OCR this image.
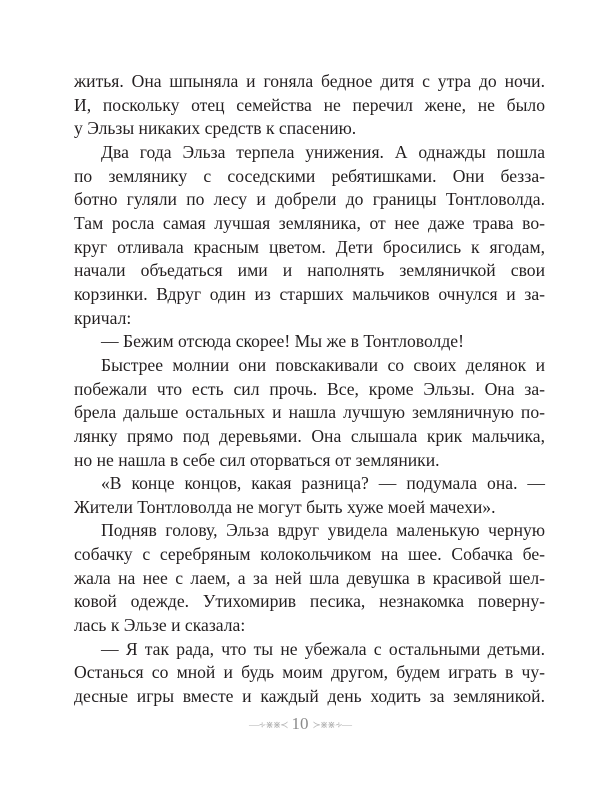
житья. Она шпыняла и гоняла бедное дитя с утра до ночи.
И, поскольку отец семейства не перечил жене, не было
у Эльзы никаких средств к спасению.
Два года Эльза терпела унижения. А однажды пошла
по землянику с соседскими ребятишками. Они безза-
ботно гуляли по лесу и добрели до границы Тонтловолда.
Там росла самая лучшая земляника, от нее даже трава во-
круг отливала красным цветом. Дети бросились к ягодам,
начали объедаться ими и наполнять земляничкой свои
корзинки. Вдруг один из старших мальчиков очнулся и за-
кричал:
— Бежим отсюда скорее! Мы же в Тонтловолде!
Быстрее молнии они повскакивали со своих делянок и
побежали что есть сил прочь. Все, кроме Эльзы. Она за-
брела дальше остальных и нашла лучшую земляничную по-
лянку прямо под деревьями. Она слышала крик мальчика,
но не нашла в себе сил оторваться от земляники.
«В конце концов, какая разница? — подумала она. —
Жители Тонтловолда не могут быть хуже моей мачехи».
Подняв голову, Эльза вдруг увидела маленькую черную
собачку с серебряным колокольчиком на шее. Собачка бе-
жала на нее с лаем, а за ней шла девушка в красивой шел-
ковой одежде. Утихомирив песика, незнакомка поверну-
лась к Эльзе и сказала:
— Я так рада, что ты не убежала с остальными детьми.
Останься со мной и будь моим другом, будем играть в чу-
десные игры вместе и каждый день ходить за земляникой.
—∻⋇⋇≺ 10 ≻⋇⋇∻—
